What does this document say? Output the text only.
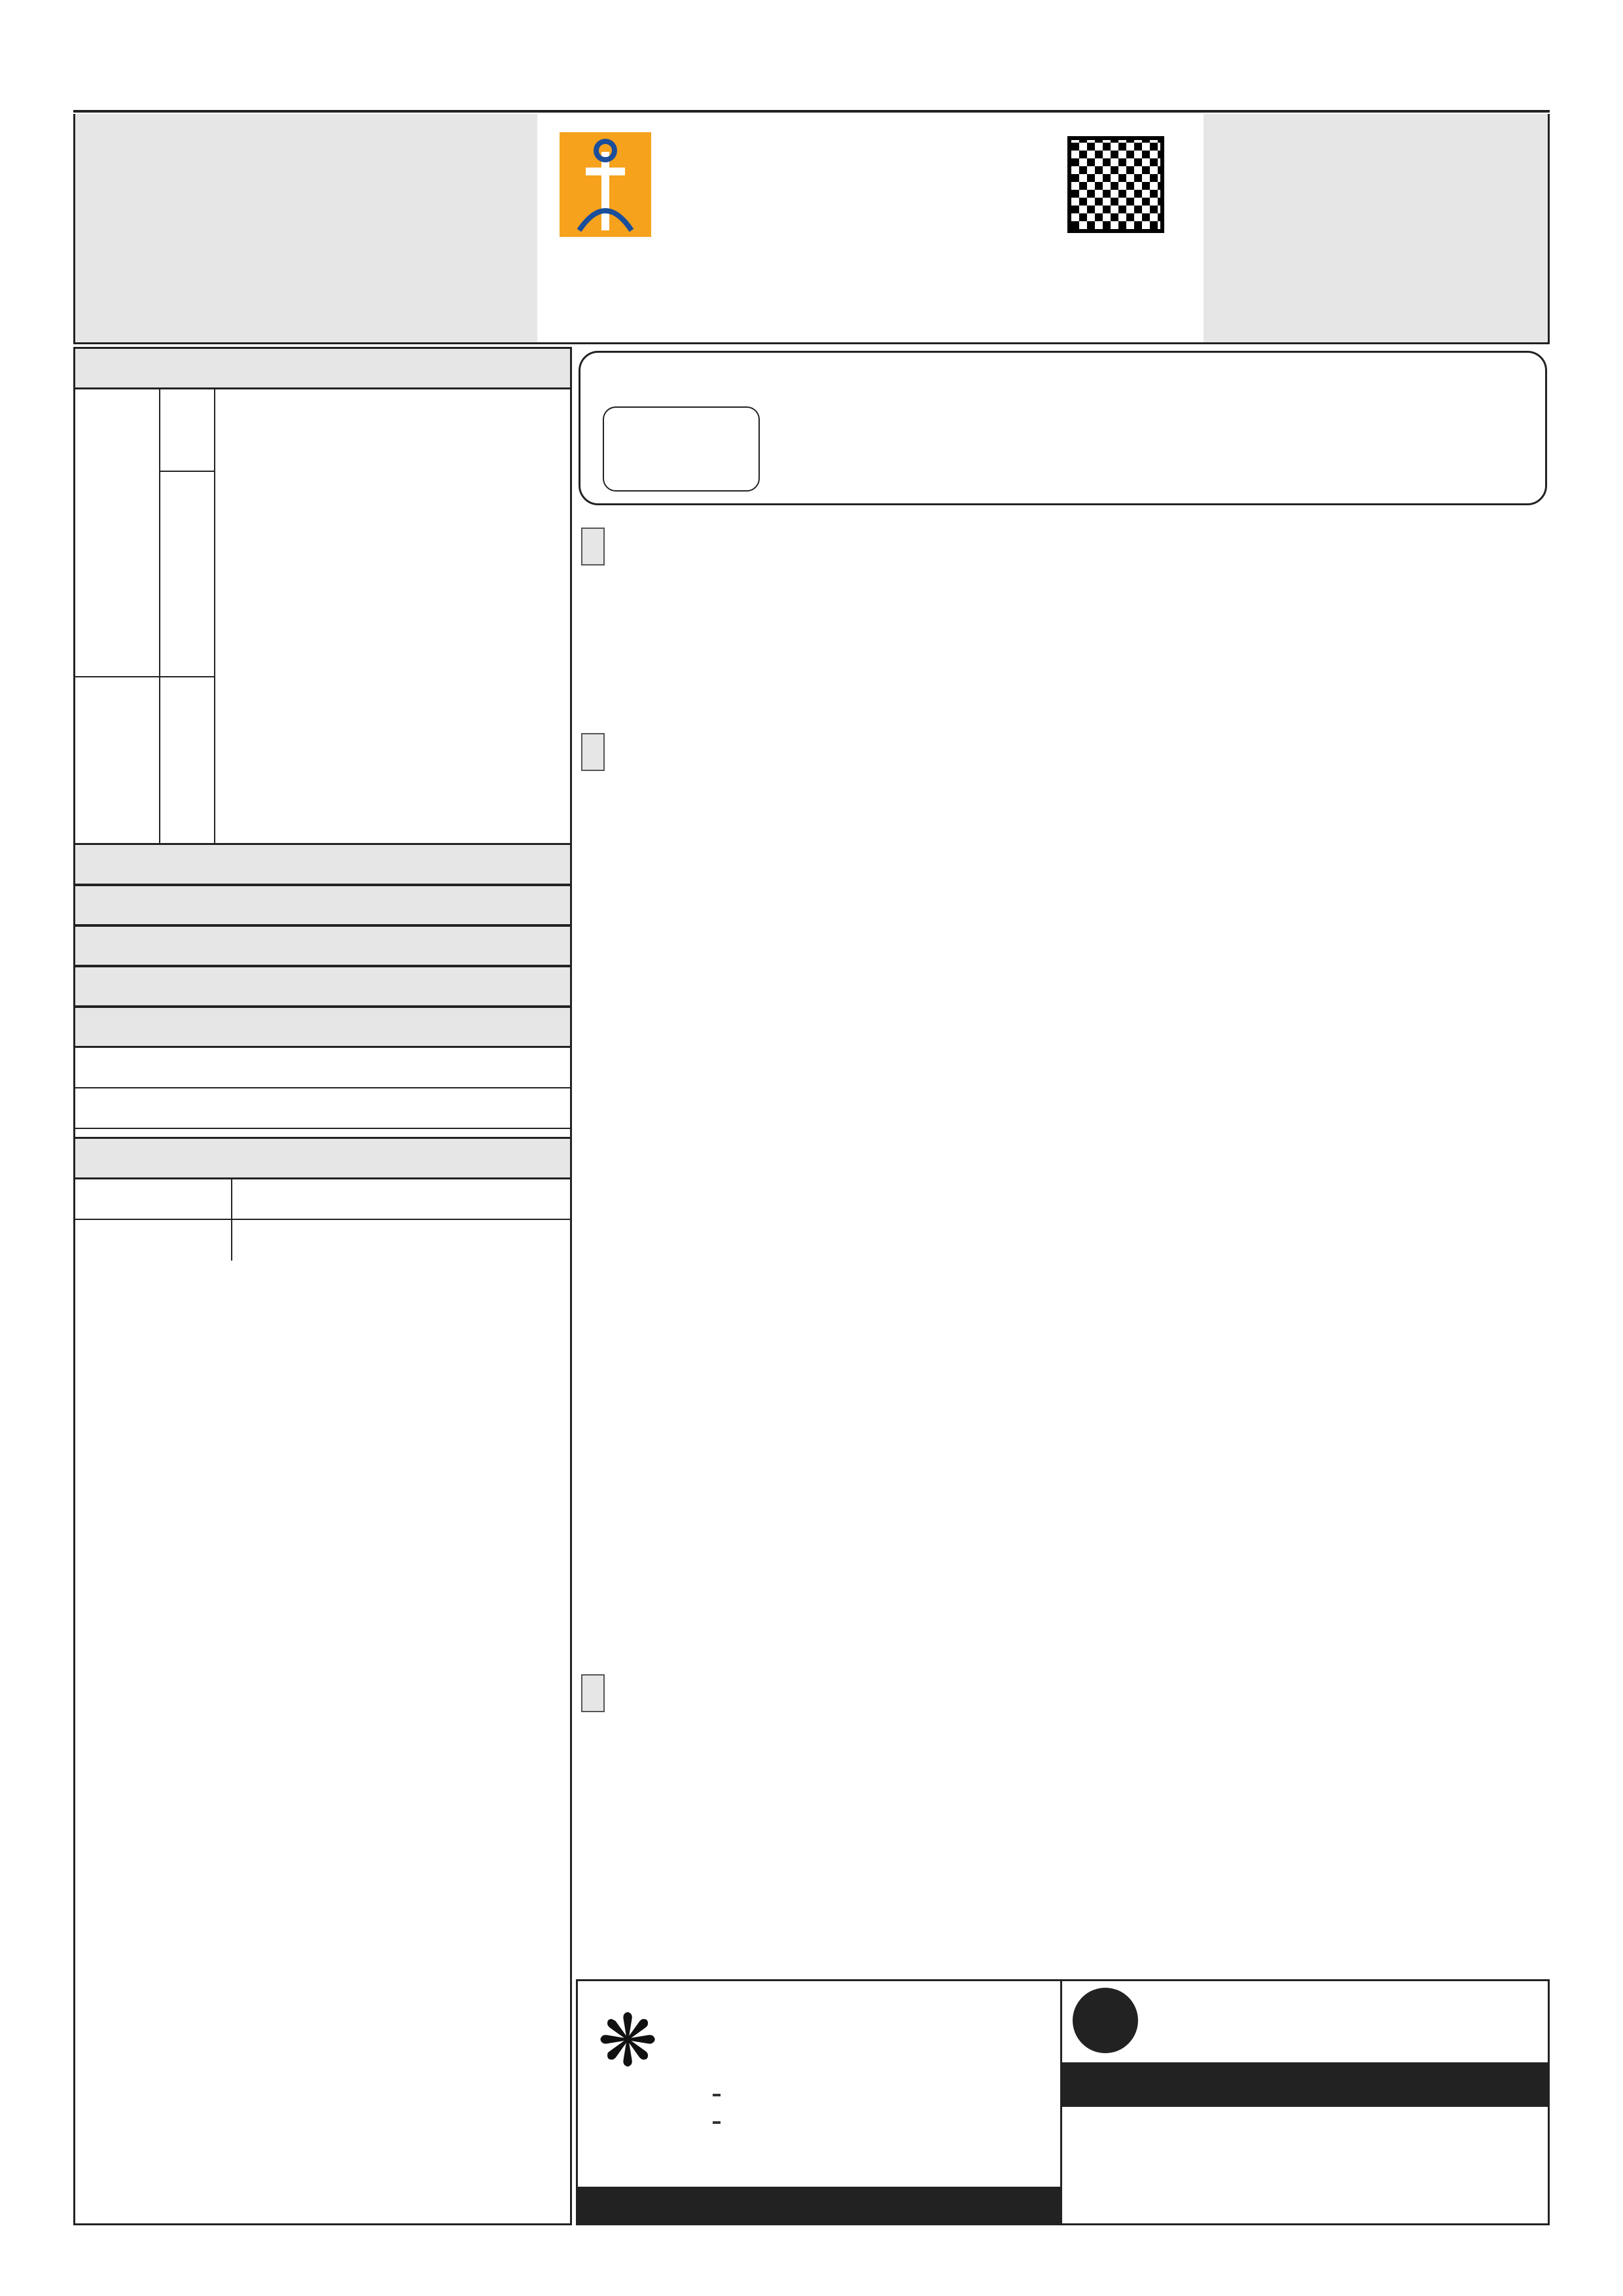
❋
